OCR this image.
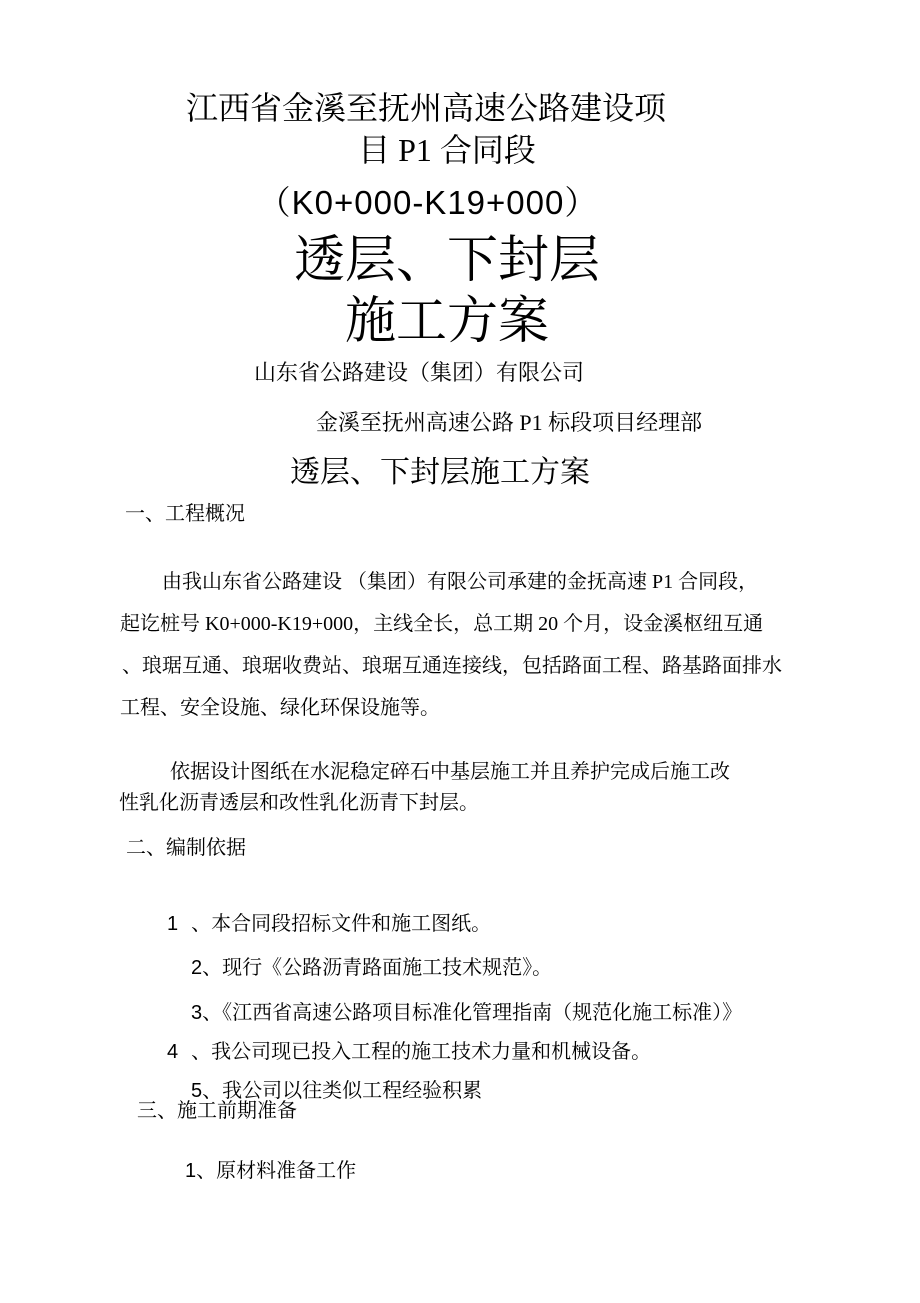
江西省金溪至抚州高速公路建设项
目 P1 合同段
（K0+000-K19+000）
透层、下封层
施工方案
山东省公路建设（集团）有限公司
金溪至抚州高速公路 P1 标段项目经理部
透层、下封层施工方案
一、工程概况
由我山东省公路建设 （集团）有限公司承建的金抚高速 P1 合同段，
起讫桩号 K0+000-K19+000，主线全长，总工期 20 个月，设金溪枢纽互通
、琅琚互通、琅琚收费站、琅琚互通连接线，包括路面工程、路基路面排水
工程、安全设施、绿化环保设施等。
依据设计图纸在水泥稳定碎石中基层施工并且养护完成后施工改
性乳化沥青透层和改性乳化沥青下封层。
二、编制依据

1 、本合同段招标文件和施工图纸。

2、现行《公路沥青路面施工技术规范》。

3、《江西省高速公路项目标准化管理指南（规范化施工标准）》

4 、我公司现已投入工程的施工技术力量和机械设备。

5、我公司以往类似工程经验积累

三、施工前期准备

1、原材料准备工作
